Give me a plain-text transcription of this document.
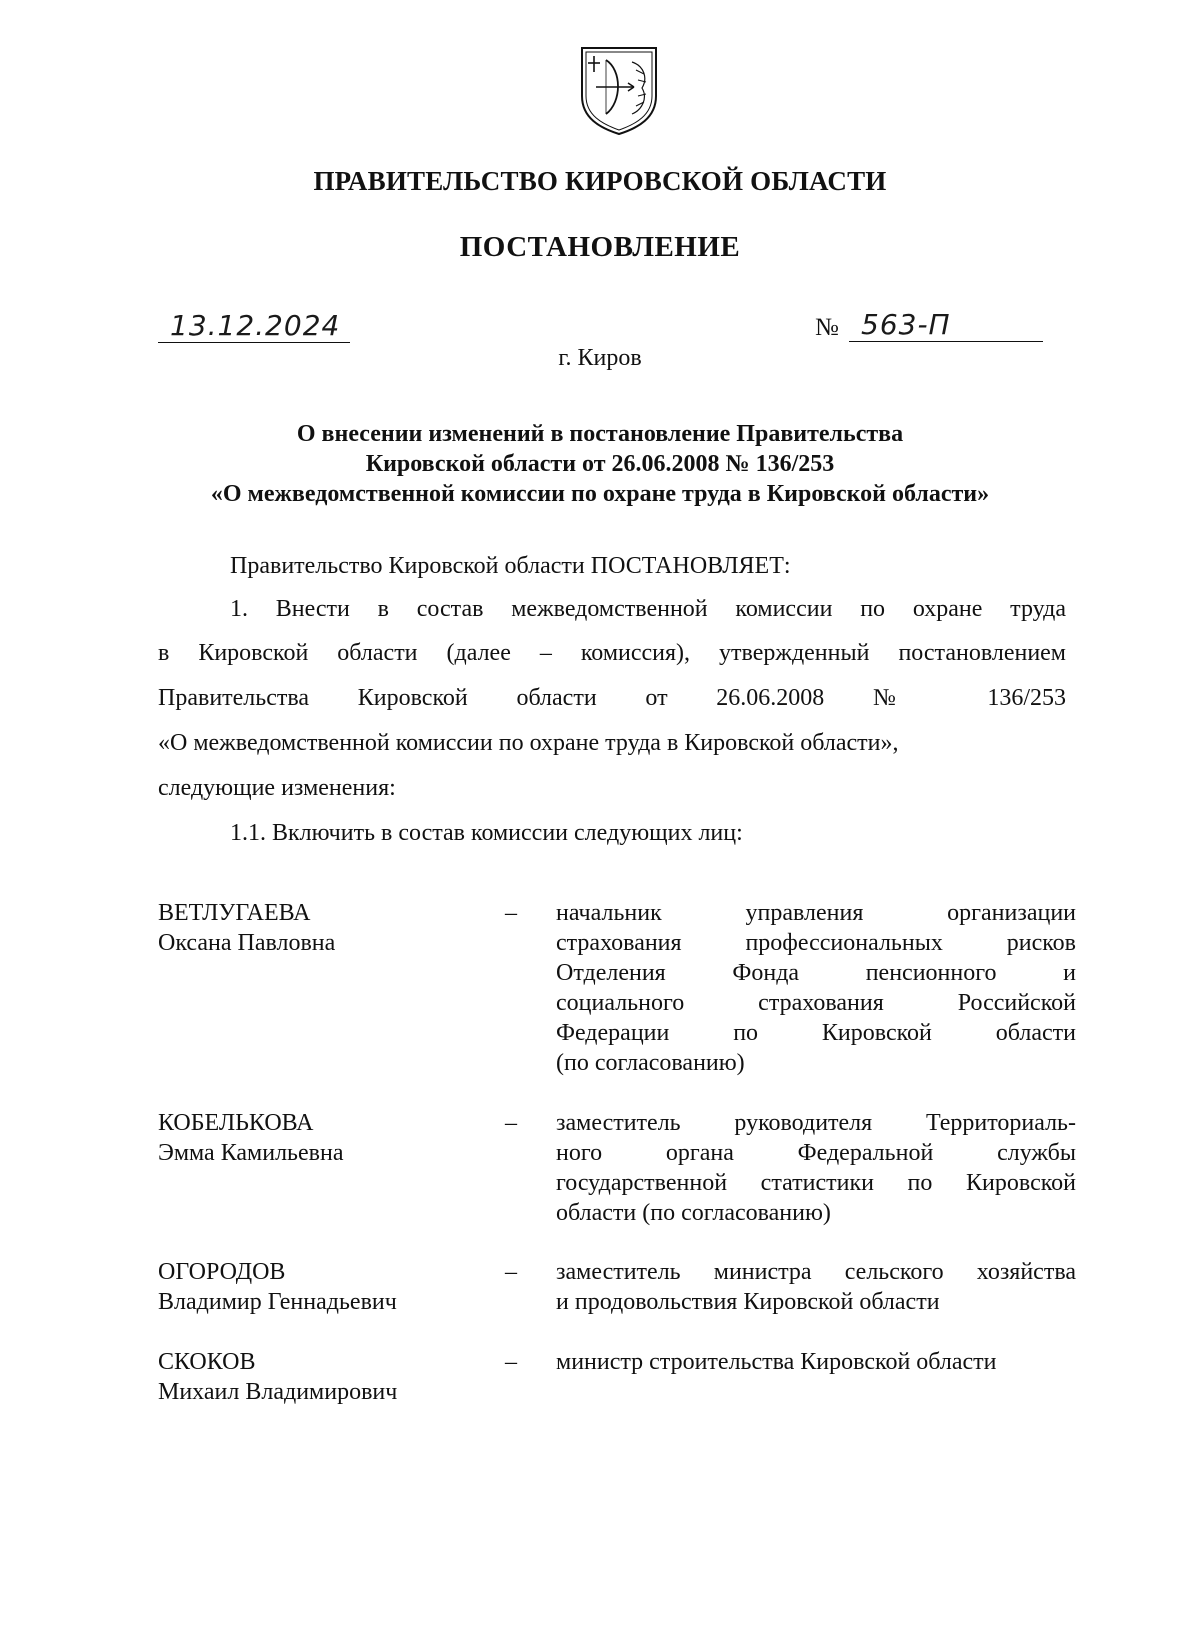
ПРАВИТЕЛЬСТВО КИРОВСКОЙ ОБЛАСТИ
ПОСТАНОВЛЕНИЕ
13.12.2024	№ 563-П
г. Киров
О внесении изменений в постановление Правительства
Кировской области от 26.06.2008 № 136/253
«О межведомственной комиссии по охране труда в Кировской области»
Правительство Кировской области ПОСТАНОВЛЯЕТ:
1. Внести в состав межведомственной комиссии по охране труда
в Кировской области (далее – комиссия), утвержденный постановлением
Правительства Кировской области от 26.06.2008 № 136/253
«О межведомственной комиссии по охране труда в Кировской области»,
следующие изменения:
1.1. Включить в состав комиссии следующих лиц:
ВЕТЛУГАЕВА
Оксана Павловна
– начальник управления организации
страхования профессиональных рисков
Отделения Фонда пенсионного и
социального страхования Российской
Федерации по Кировской области
(по согласованию)
КОБЕЛЬКОВА
Эмма Камильевна
– заместитель руководителя Территориаль-
ного органа Федеральной службы
государственной статистики по Кировской
области (по согласованию)
ОГОРОДОВ
Владимир Геннадьевич
– заместитель министра сельского хозяйства
и продовольствия Кировской области
СКОКОВ
Михаил Владимирович
– министр строительства Кировской области
